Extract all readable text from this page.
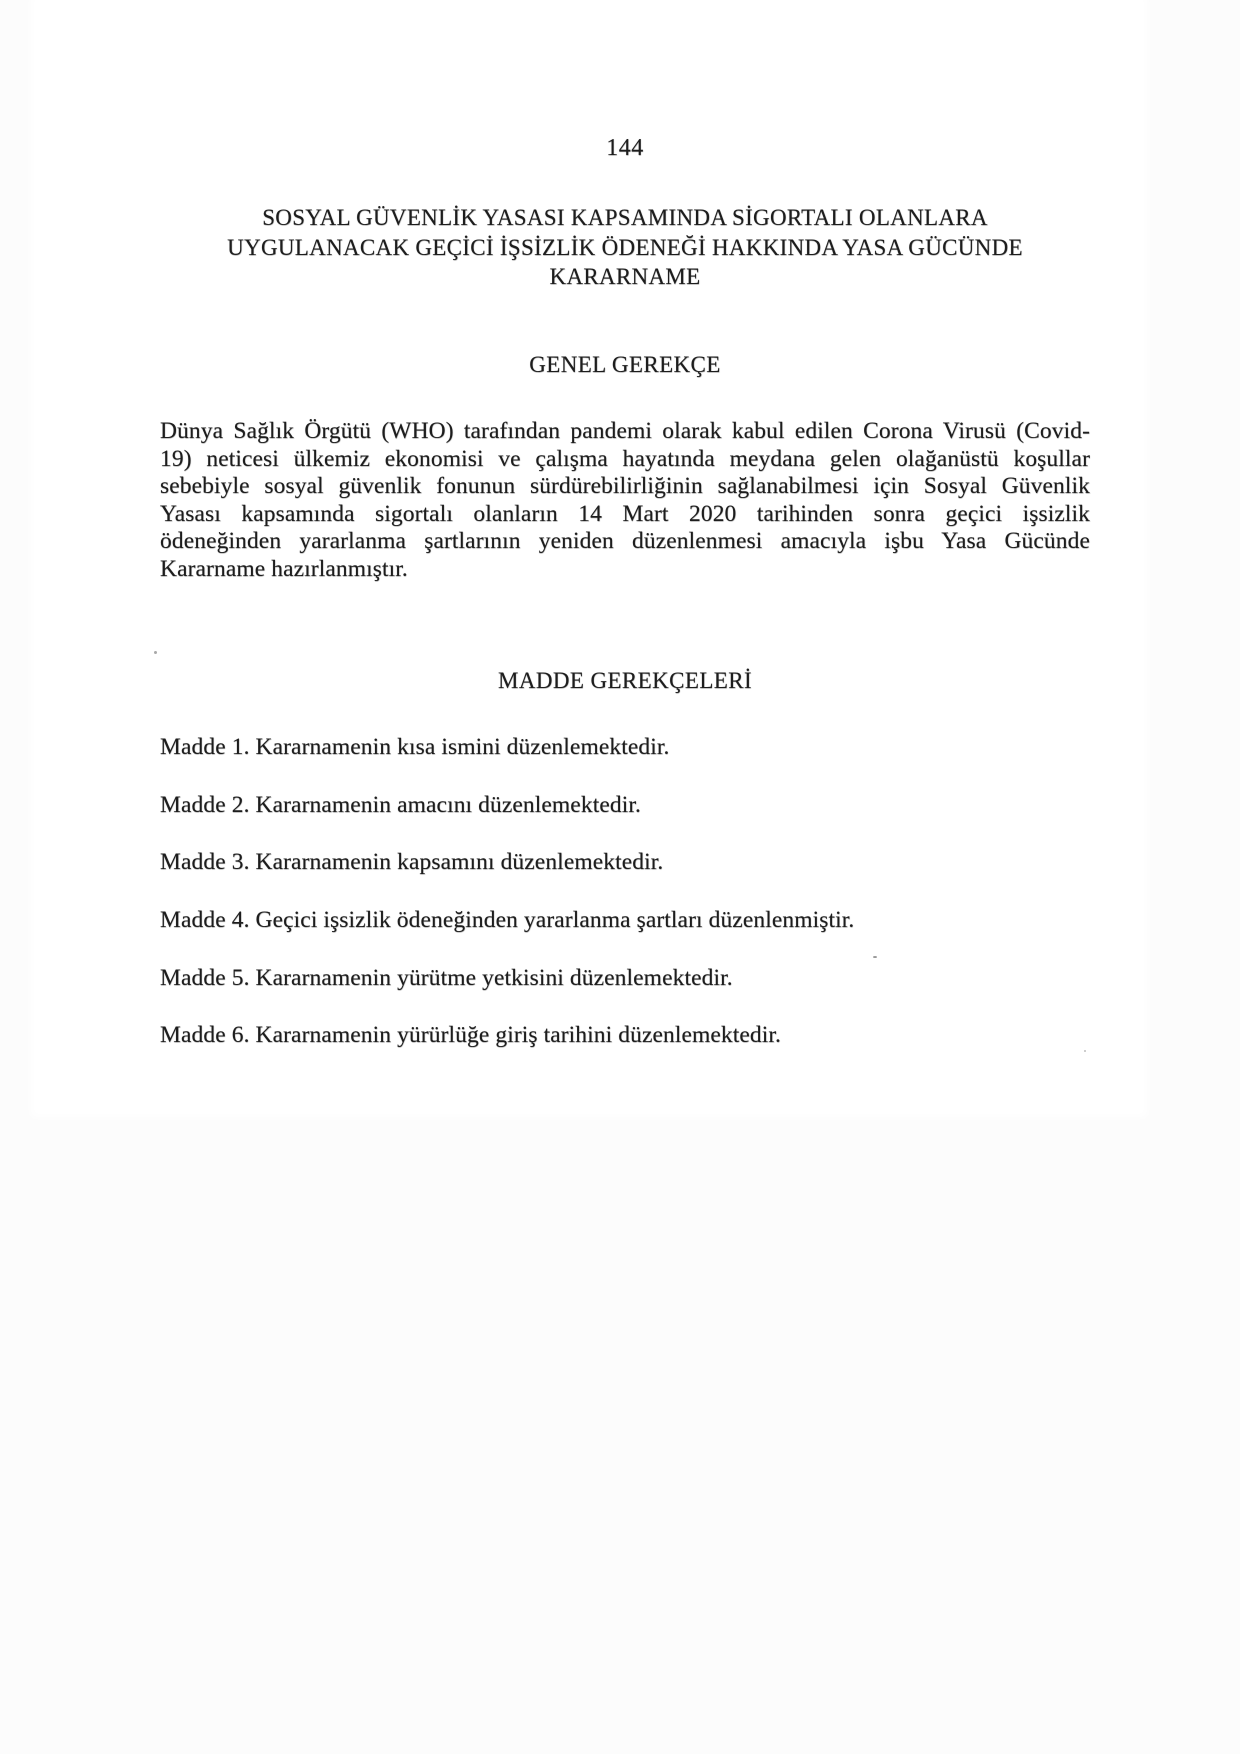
144
SOSYAL GÜVENLİK YASASI KAPSAMINDA SİGORTALI OLANLARA
UYGULANACAK GEÇİCİ İŞSİZLİK ÖDENEĞİ HAKKINDA YASA GÜCÜNDE
KARARNAME
GENEL GEREKÇE
Dünya Sağlık Örgütü (WHO) tarafından pandemi olarak kabul edilen Corona Virusü (Covid-
19) neticesi ülkemiz ekonomisi ve çalışma hayatında meydana gelen olağanüstü koşullar
sebebiyle sosyal güvenlik fonunun sürdürebilirliğinin sağlanabilmesi için Sosyal Güvenlik
Yasası kapsamında sigortalı olanların 14 Mart 2020 tarihinden sonra geçici işsizlik
ödeneğinden yararlanma şartlarının yeniden düzenlenmesi amacıyla işbu Yasa Gücünde
Kararname hazırlanmıştır.
MADDE GEREKÇELERİ
Madde 1. Kararnamenin kısa ismini düzenlemektedir.
Madde 2. Kararnamenin amacını düzenlemektedir.
Madde 3. Kararnamenin kapsamını düzenlemektedir.
Madde 4. Geçici işsizlik ödeneğinden yararlanma şartları düzenlenmiştir.
Madde 5. Kararnamenin yürütme yetkisini düzenlemektedir.
Madde 6. Kararnamenin yürürlüğe giriş tarihini düzenlemektedir.
